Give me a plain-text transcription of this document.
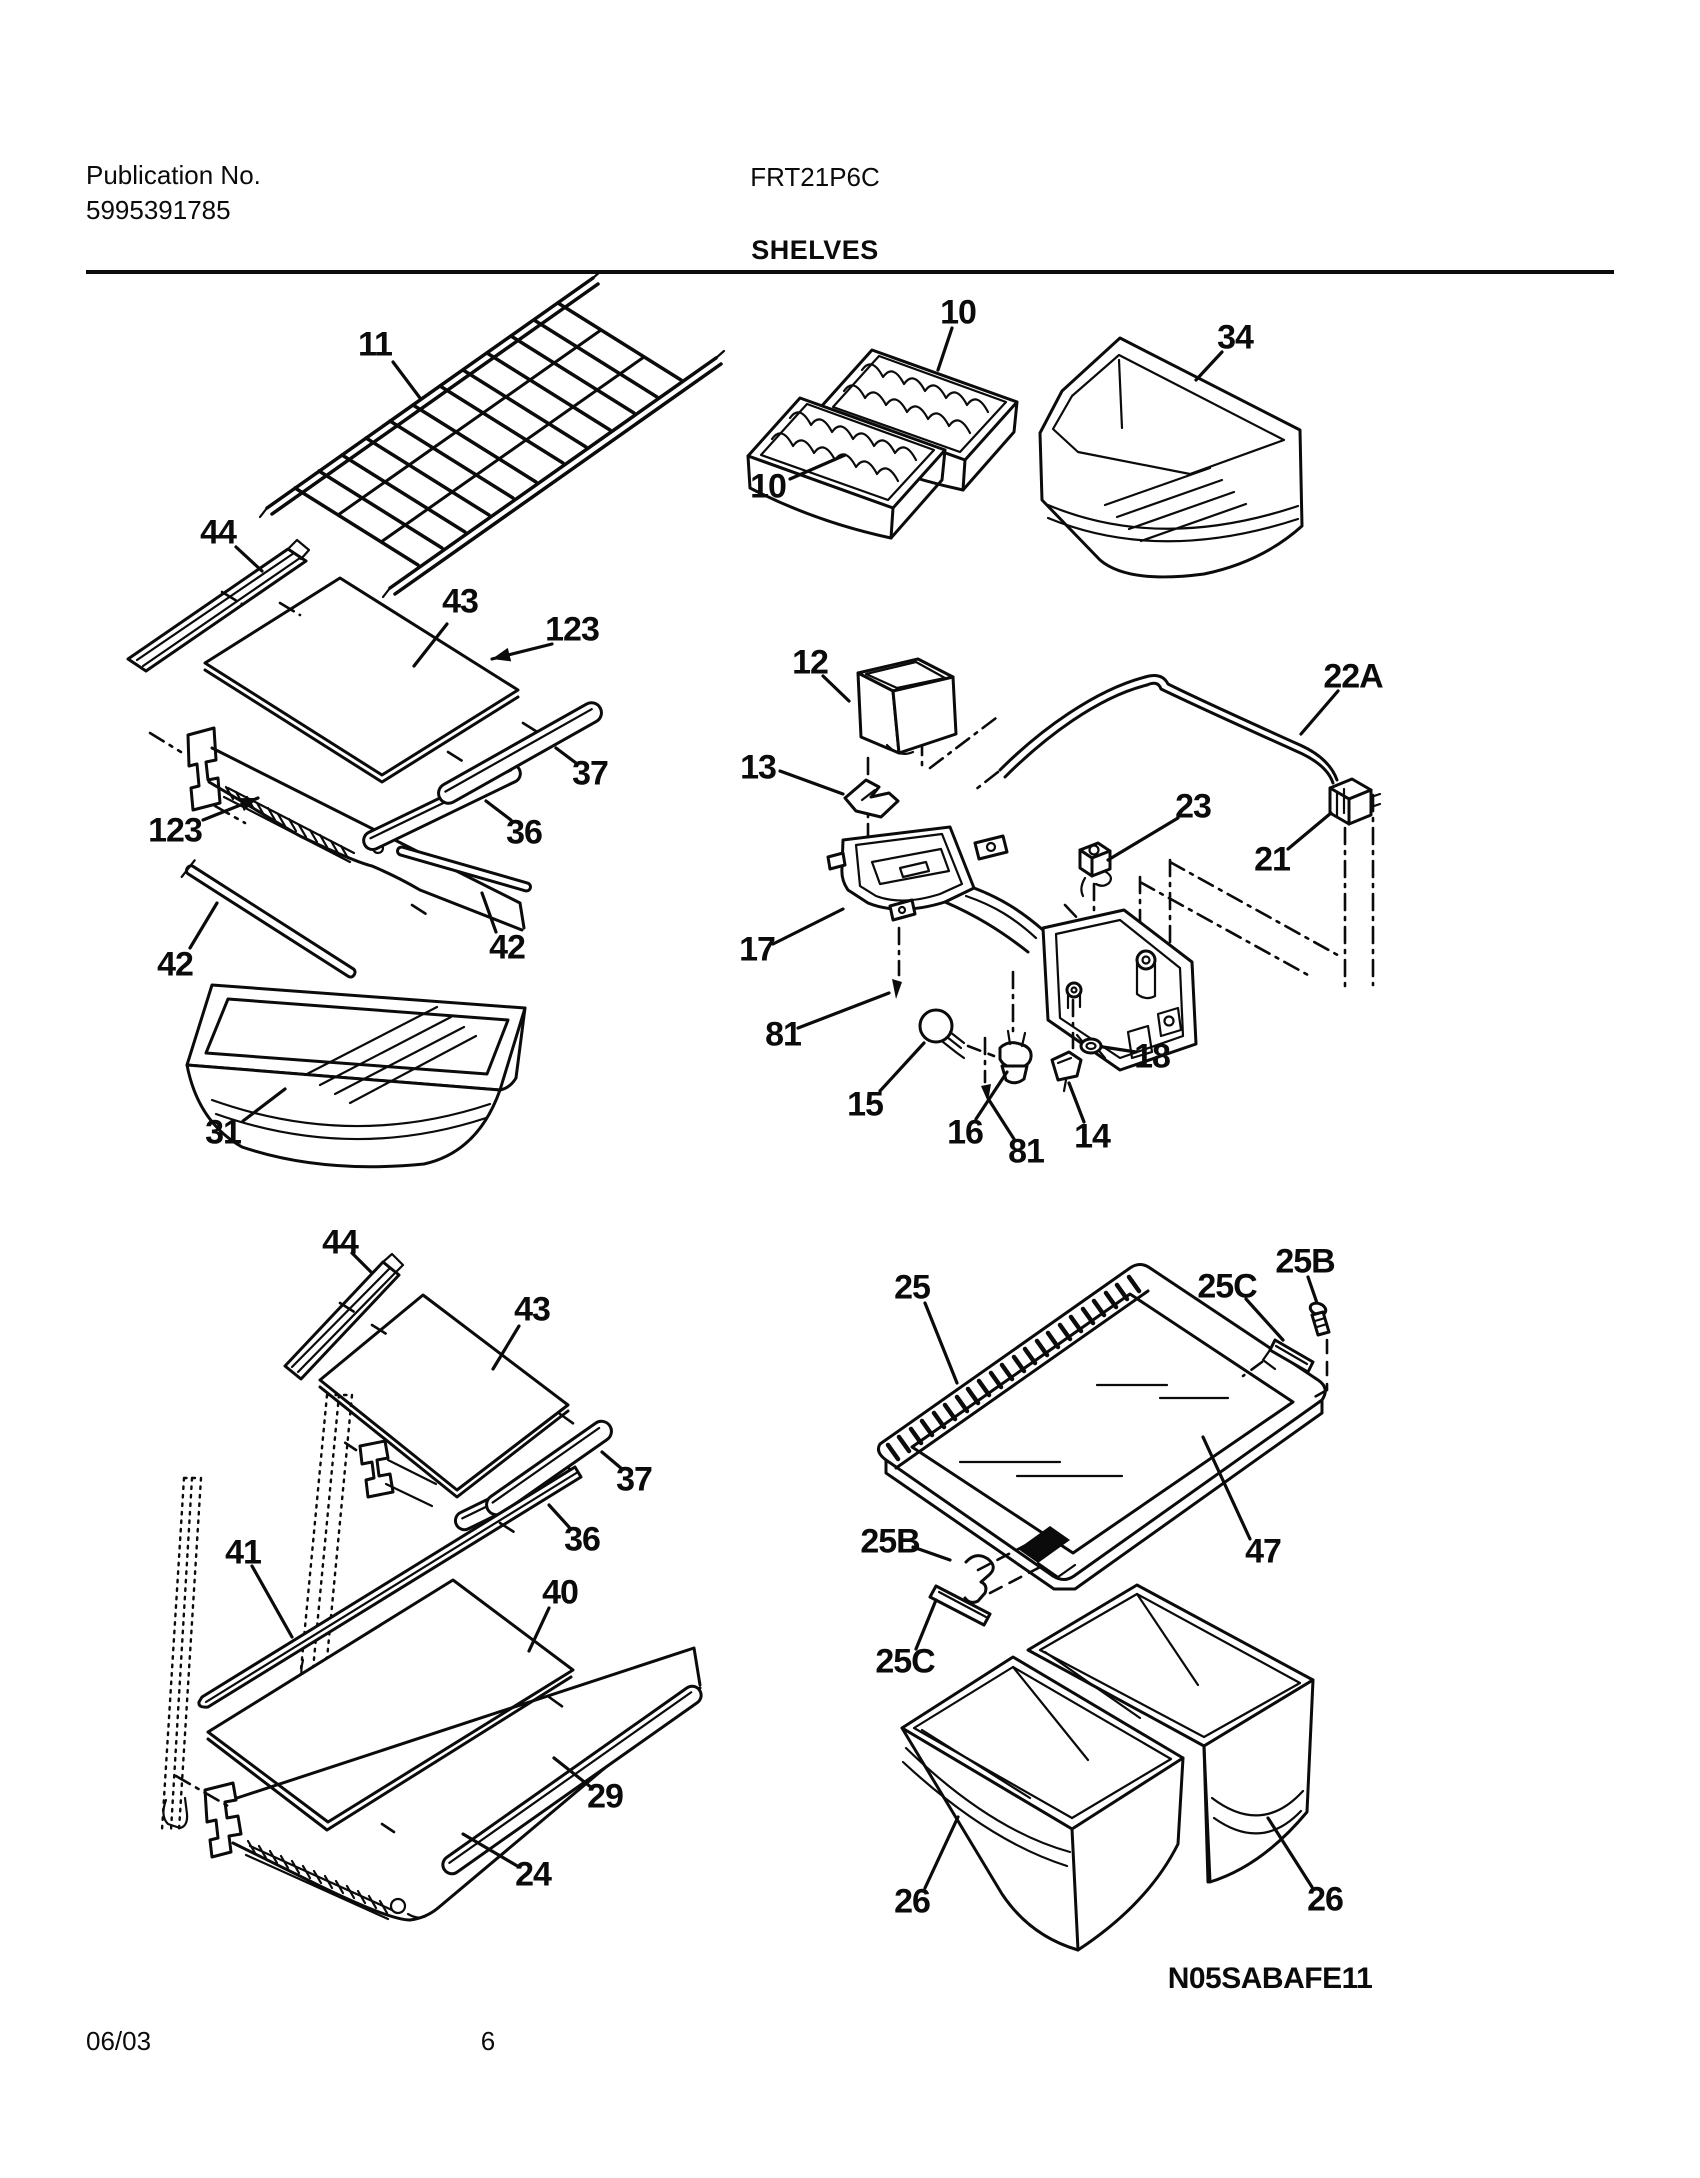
Publication No.
5995391785
FRT21P6C
SHELVES
11
10
10
34
44
43
123
37
36
123
42	42
31
12
13
22A
23
21
17
81
15
16 81 14
18
44
43
37
36
41
40
29
24
25	25C
25B
47
25B
25C
26	26
N05SABAFE11
06/03	6
